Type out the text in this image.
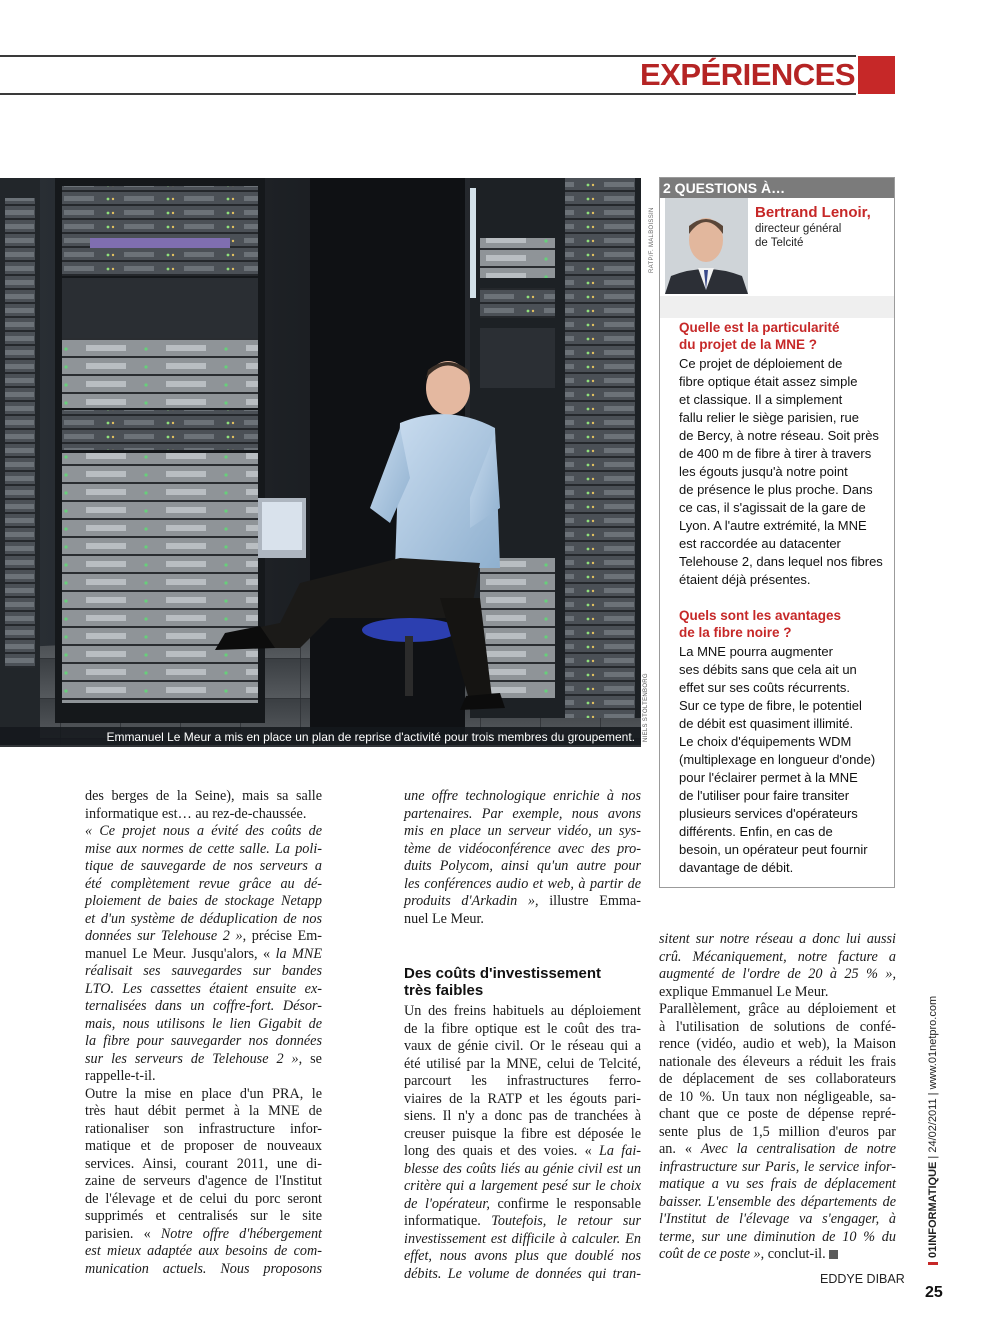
EXPÉRIENCES
Emmanuel Le Meur a mis en place un plan de reprise d'activité pour trois membres du groupement.	NIELS STOLTENBORG
2 QUESTIONS À…
RATP/F. MALBOISSIN	Bertrand Lenoir,
directeur général
de Telcité
Quelle est la particularité
du projet de la MNE ?
Ce projet de déploiement de
fibre optique était assez simple
et classique. Il a simplement
fallu relier le siège parisien, rue
de Bercy, à notre réseau. Soit près
de 400 m de fibre à tirer à travers
les égouts jusqu'à notre point
de présence le plus proche. Dans
ce cas, il s'agissait de la gare de
Lyon. A l'autre extrémité, la MNE
est raccordée au datacenter
Telehouse 2, dans lequel nos fibres
étaient déjà présentes.
Quels sont les avantages
de la fibre noire ?
La MNE pourra augmenter
ses débits sans que cela ait un
effet sur ses coûts récurrents.
Sur ce type de fibre, le potentiel
de débit est quasiment illimité.
Le choix d'équipements WDM
(multiplexage en longueur d'onde)
pour l'éclairer permet à la MNE
de l'utiliser pour faire transiter
plusieurs services d'opérateurs
différents. Enfin, en cas de
besoin, un opérateur peut fournir
davantage de débit.
des berges de la Seine), mais sa salle
informatique est… au rez-de-chaussée.
« Ce projet nous a évité des coûts de
mise aux normes de cette salle. La poli-
tique de sauvegarde de nos serveurs a
été complètement revue grâce au dé-
ploiement de baies de stockage Netapp
et d'un système de déduplication de nos
données sur Telehouse 2 », précise Em-
manuel Le Meur. Jusqu'alors, « la MNE
réalisait ses sauvegardes sur bandes
LTO. Les cassettes étaient ensuite ex-
ternalisées dans un coffre-fort. Désor-
mais, nous utilisons le lien Gigabit de
la fibre pour sauvegarder nos données
sur les serveurs de Telehouse 2 », se
rappelle-t-il.
Outre la mise en place d'un PRA, le
très haut débit permet à la MNE de
rationaliser son infrastructure infor-
matique et de proposer de nouveaux
services. Ainsi, courant 2011, une di-
zaine de serveurs d'agence de l'Institut
de l'élevage et de celui du porc seront
supprimés et centralisés sur le site
parisien. « Notre offre d'hébergement
est mieux adaptée aux besoins de com-
munication actuels. Nous proposons
une offre technologique enrichie à nos
partenaires. Par exemple, nous avons
mis en place un serveur vidéo, un sys-
tème de vidéoconférence avec des pro-
duits Polycom, ainsi qu'un autre pour
les conférences audio et web, à partir de
produits d'Arkadin », illustre Emma-
nuel Le Meur.
Des coûts d'investissement
très faibles
Un des freins habituels au déploiement
de la fibre optique est le coût des tra-
vaux de génie civil. Or le réseau qui a
été utilisé par la MNE, celui de Telcité,
parcourt les infrastructures ferro-
viaires de la RATP et les égouts pari-
siens. Il n'y a donc pas de tranchées à
creuser puisque la fibre est déposée le
long des quais et des voies. « La fai-
blesse des coûts liés au génie civil est un
critère qui a largement pesé sur le choix
de l'opérateur, confirme le responsable
informatique. Toutefois, le retour sur
investissement est difficile à calculer. En
effet, nous avons plus que doublé nos
débits. Le volume de données qui tran-
sitent sur notre réseau a donc lui aussi
crû. Mécaniquement, notre facture a
augmenté de l'ordre de 20 à 25 % »,
explique Emmanuel Le Meur.
Parallèlement, grâce au déploiement et
à l'utilisation de solutions de confé-
rence (vidéo, audio et web), la Maison
nationale des éleveurs a réduit les frais
de déplacement de ses collaborateurs
de 10 %. Un taux non négligeable, sa-
chant que ce poste de dépense repré-
sente plus de 1,5 million d'euros par
an. « Avec la centralisation de notre
infrastructure sur Paris, le service infor-
matique a vu ses frais de déplacement
baisser. L'ensemble des départements de
l'Institut de l'élevage va s'engager, à
terme, sur une diminution de 10 % du
coût de ce poste », conclut-il.
EDDYE DIBAR
01INFORMATIQUE | 24/02/2011 | www.01netpro.com
25
